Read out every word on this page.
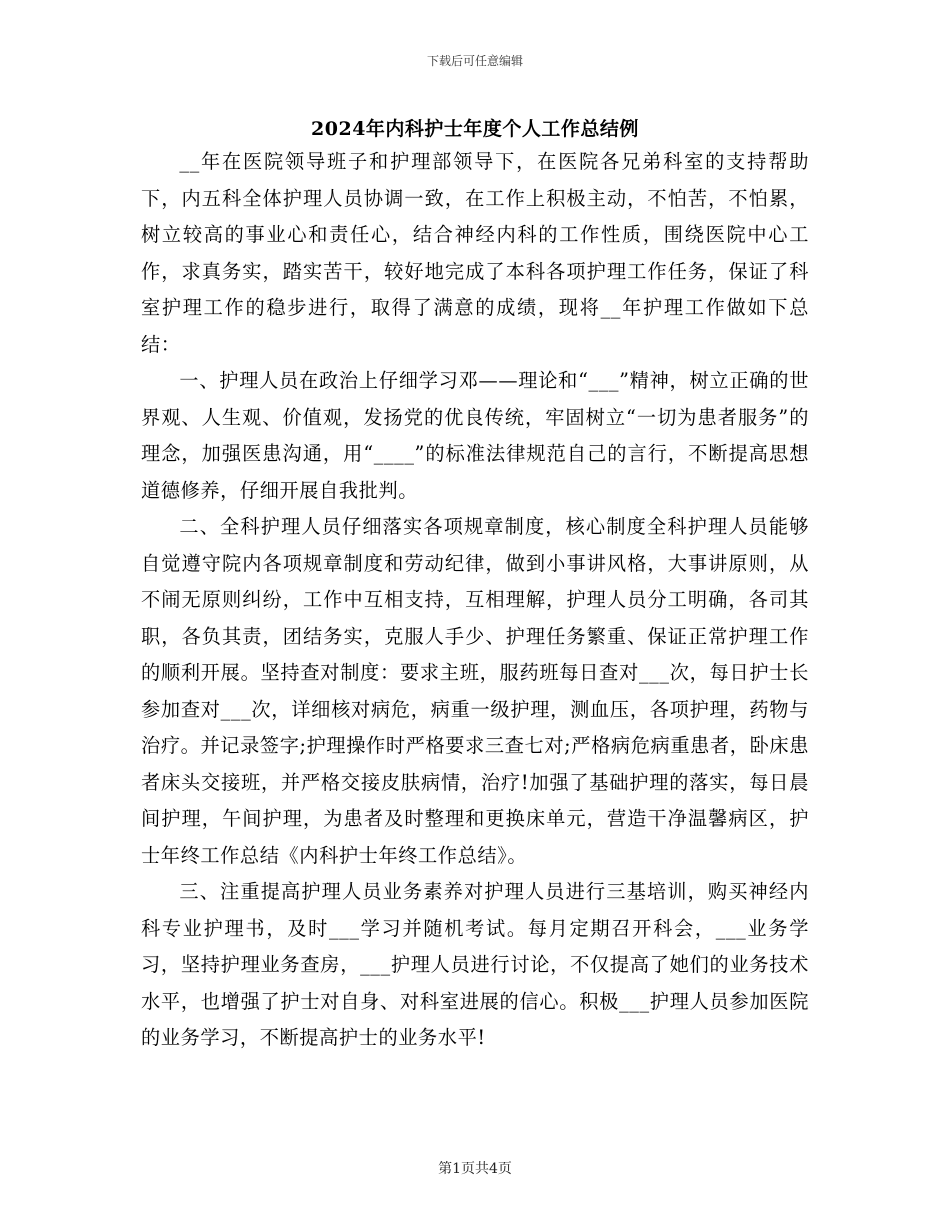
下载后可任意编辑
2024年内科护士年度个人工作总结例

__年在医院领导班子和护理部领导下，在医院各兄弟科室的支持帮助下，内五科全体护理人员协调一致，在工作上积极主动，不怕苦，不怕累，树立较高的事业心和责任心，结合神经内科的工作性质，围绕医院中心工作，求真务实，踏实苦干，较好地完成了本科各项护理工作任务，保证了科室护理工作的稳步进行，取得了满意的成绩，现将__年护理工作做如下总结：

一、护理人员在政治上仔细学习邓——理论和“___”精神，树立正确的世界观、人生观、价值观，发扬党的优良传统，牢固树立“一切为患者服务”的理念，加强医患沟通，用“____”的标准法律规范自己的言行，不断提高思想道德修养，仔细开展自我批判。

二、全科护理人员仔细落实各项规章制度，核心制度全科护理人员能够自觉遵守院内各项规章制度和劳动纪律，做到小事讲风格，大事讲原则，从不闹无原则纠纷，工作中互相支持，互相理解，护理人员分工明确，各司其职，各负其责，团结务实，克服人手少、护理任务繁重、保证正常护理工作的顺利开展。坚持查对制度：要求主班，服药班每日查对___次，每日护士长参加查对___次，详细核对病危，病重一级护理，测血压，各项护理，药物与治疗。并记录签字;护理操作时严格要求三查七对;严格病危病重患者，卧床患者床头交接班，并严格交接皮肤病情，治疗!加强了基础护理的落实，每日晨间护理，午间护理，为患者及时整理和更换床单元，营造干净温馨病区，护士年终工作总结《内科护士年终工作总结》。

三、注重提高护理人员业务素养对护理人员进行三基培训，购买神经内科专业护理书，及时___学习并随机考试。每月定期召开科会，___业务学习，坚持护理业务查房，___护理人员进行讨论，不仅提高了她们的业务技术水平，也增强了护士对自身、对科室进展的信心。积极___护理人员参加医院的业务学习，不断提高护士的业务水平!

第1页共4页
